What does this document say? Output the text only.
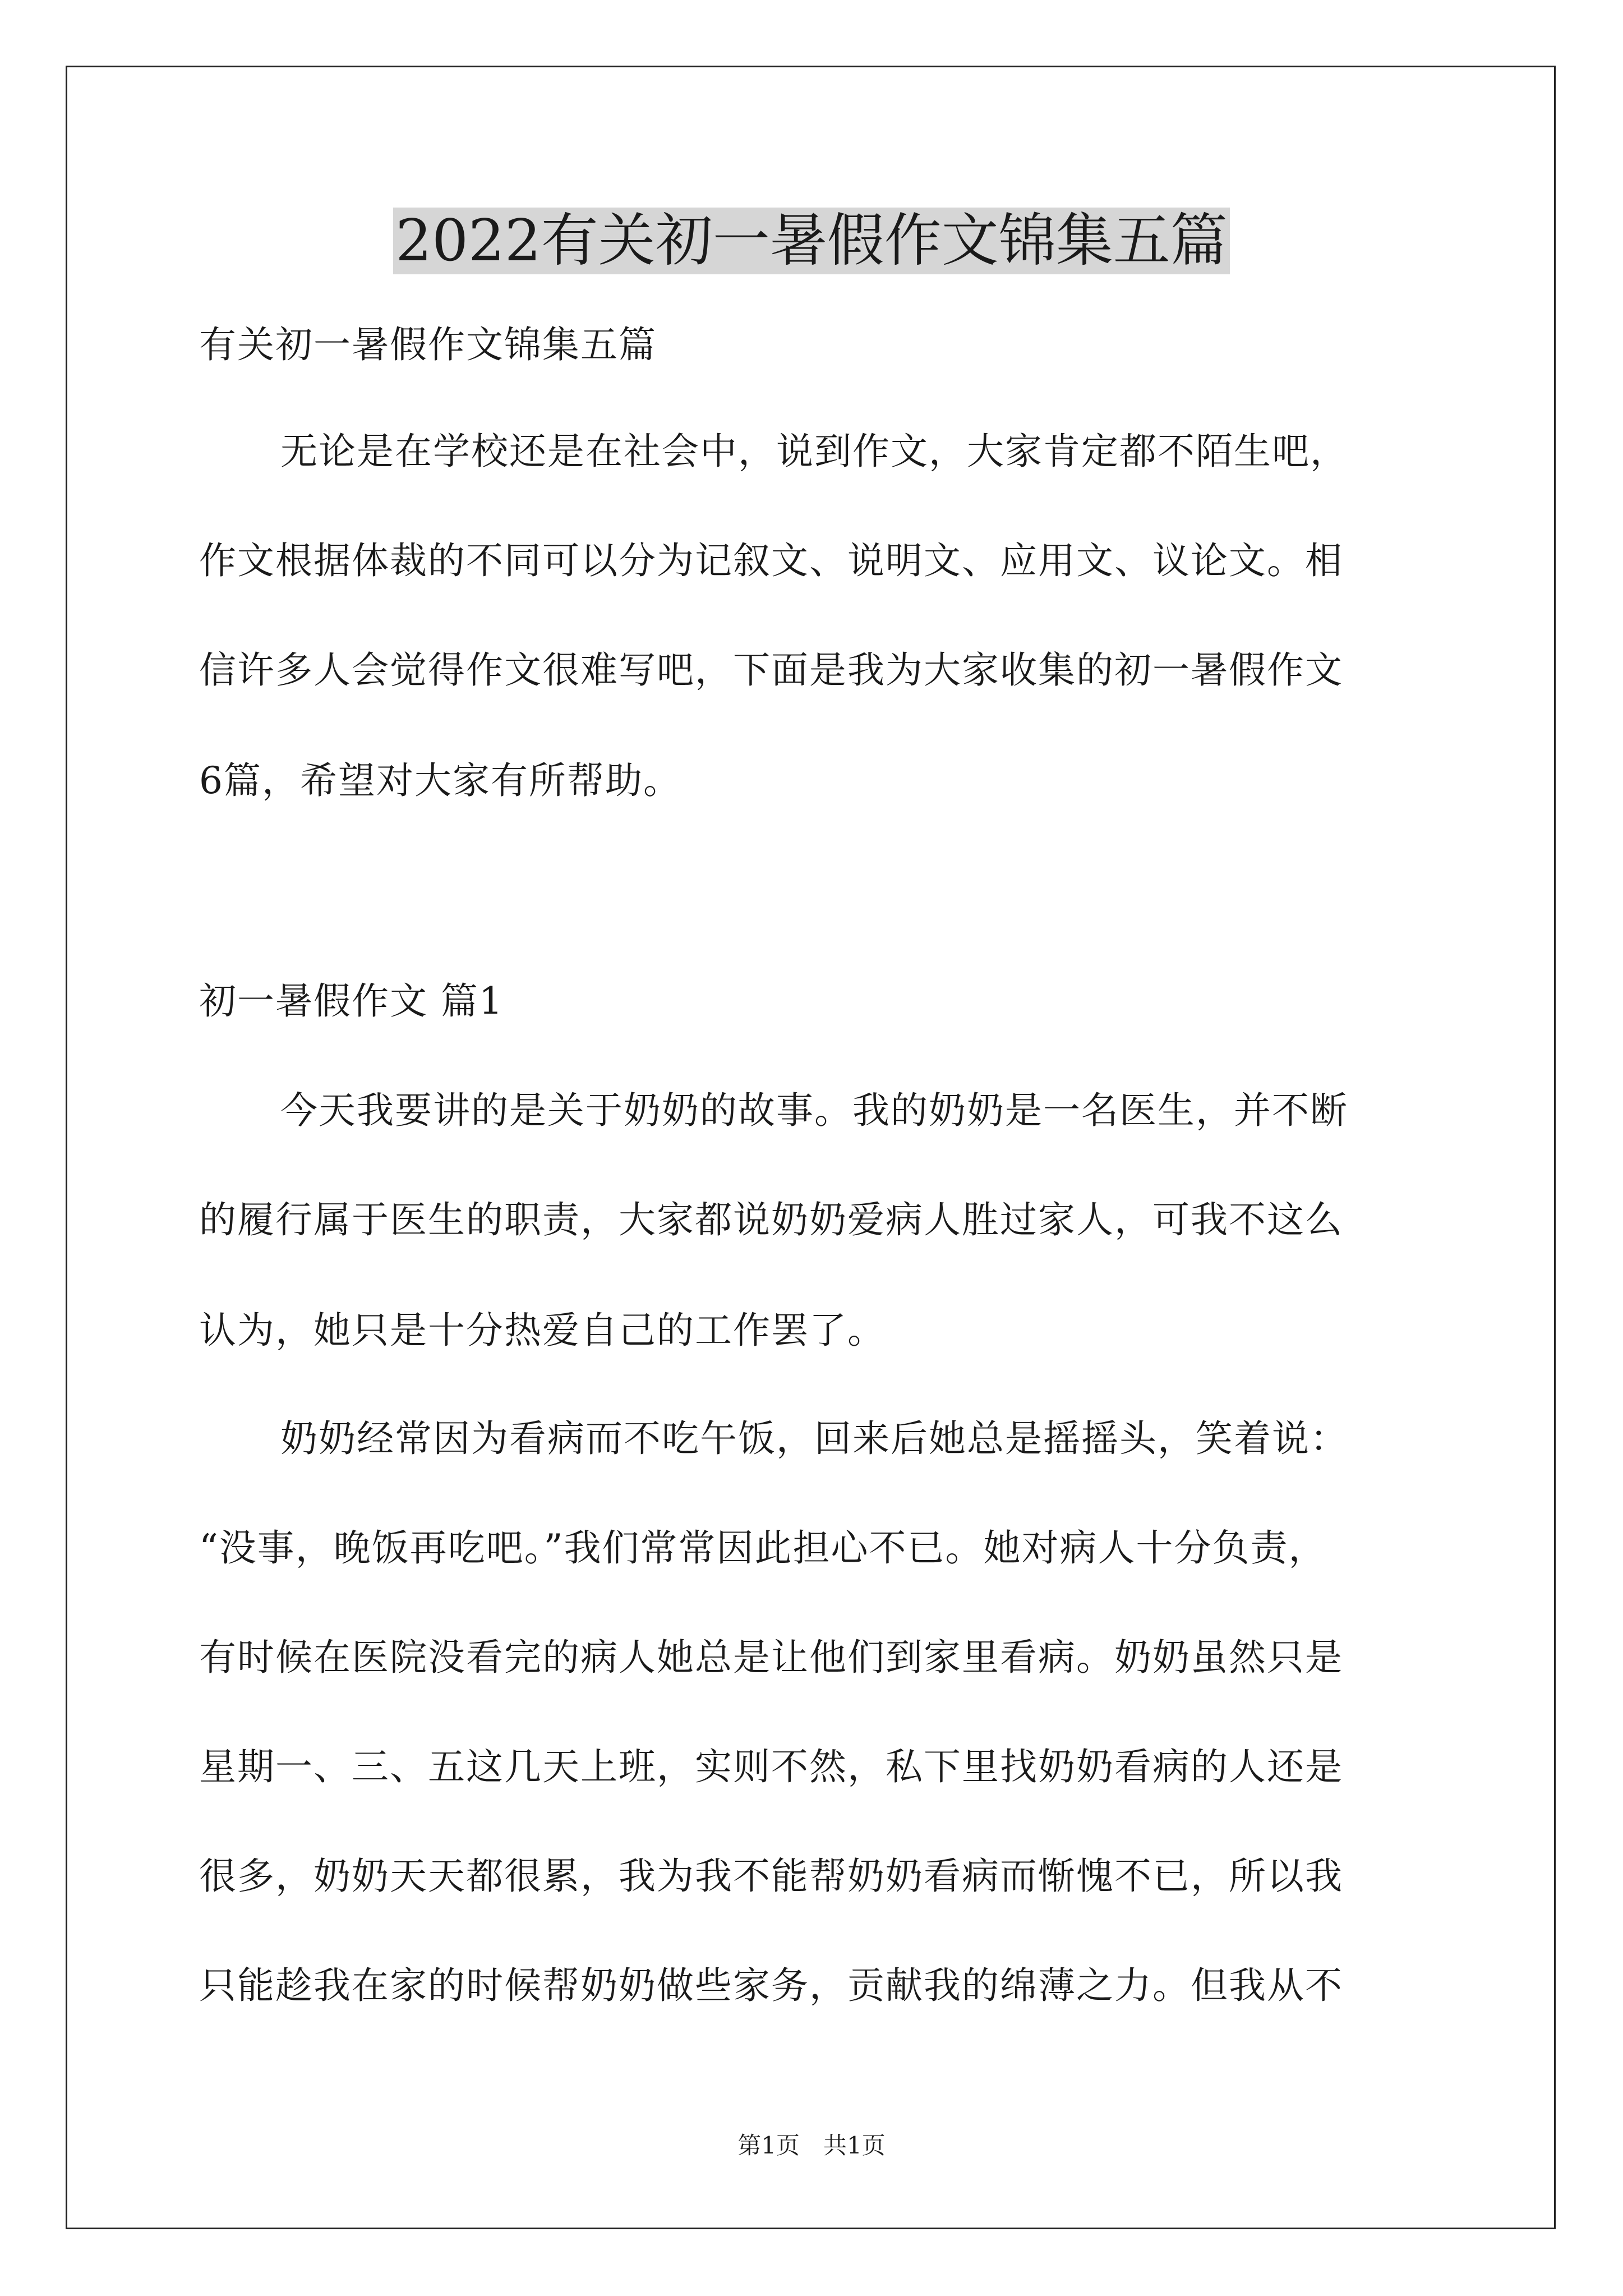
2022有关初一暑假作文锦集五篇
有关初一暑假作文锦集五篇
无论是在学校还是在社会中，说到作文，大家肯定都不陌生吧，
作文根据体裁的不同可以分为记叙文、说明文、应用文、议论文。相
信许多人会觉得作文很难写吧，下面是我为大家收集的初一暑假作文
6篇，希望对大家有所帮助。
初一暑假作文 篇1
今天我要讲的是关于奶奶的故事。我的奶奶是一名医生，并不断
的履行属于医生的职责，大家都说奶奶爱病人胜过家人，可我不这么
认为，她只是十分热爱自己的工作罢了。
奶奶经常因为看病而不吃午饭，回来后她总是摇摇头，笑着说：
“没事，晚饭再吃吧。”我们常常因此担心不已。她对病人十分负责，
有时候在医院没看完的病人她总是让他们到家里看病。奶奶虽然只是
星期一、三、五这几天上班，实则不然，私下里找奶奶看病的人还是
很多，奶奶天天都很累，我为我不能帮奶奶看病而惭愧不已，所以我
只能趁我在家的时候帮奶奶做些家务，贡献我的绵薄之力。但我从不
第1页 共1页
